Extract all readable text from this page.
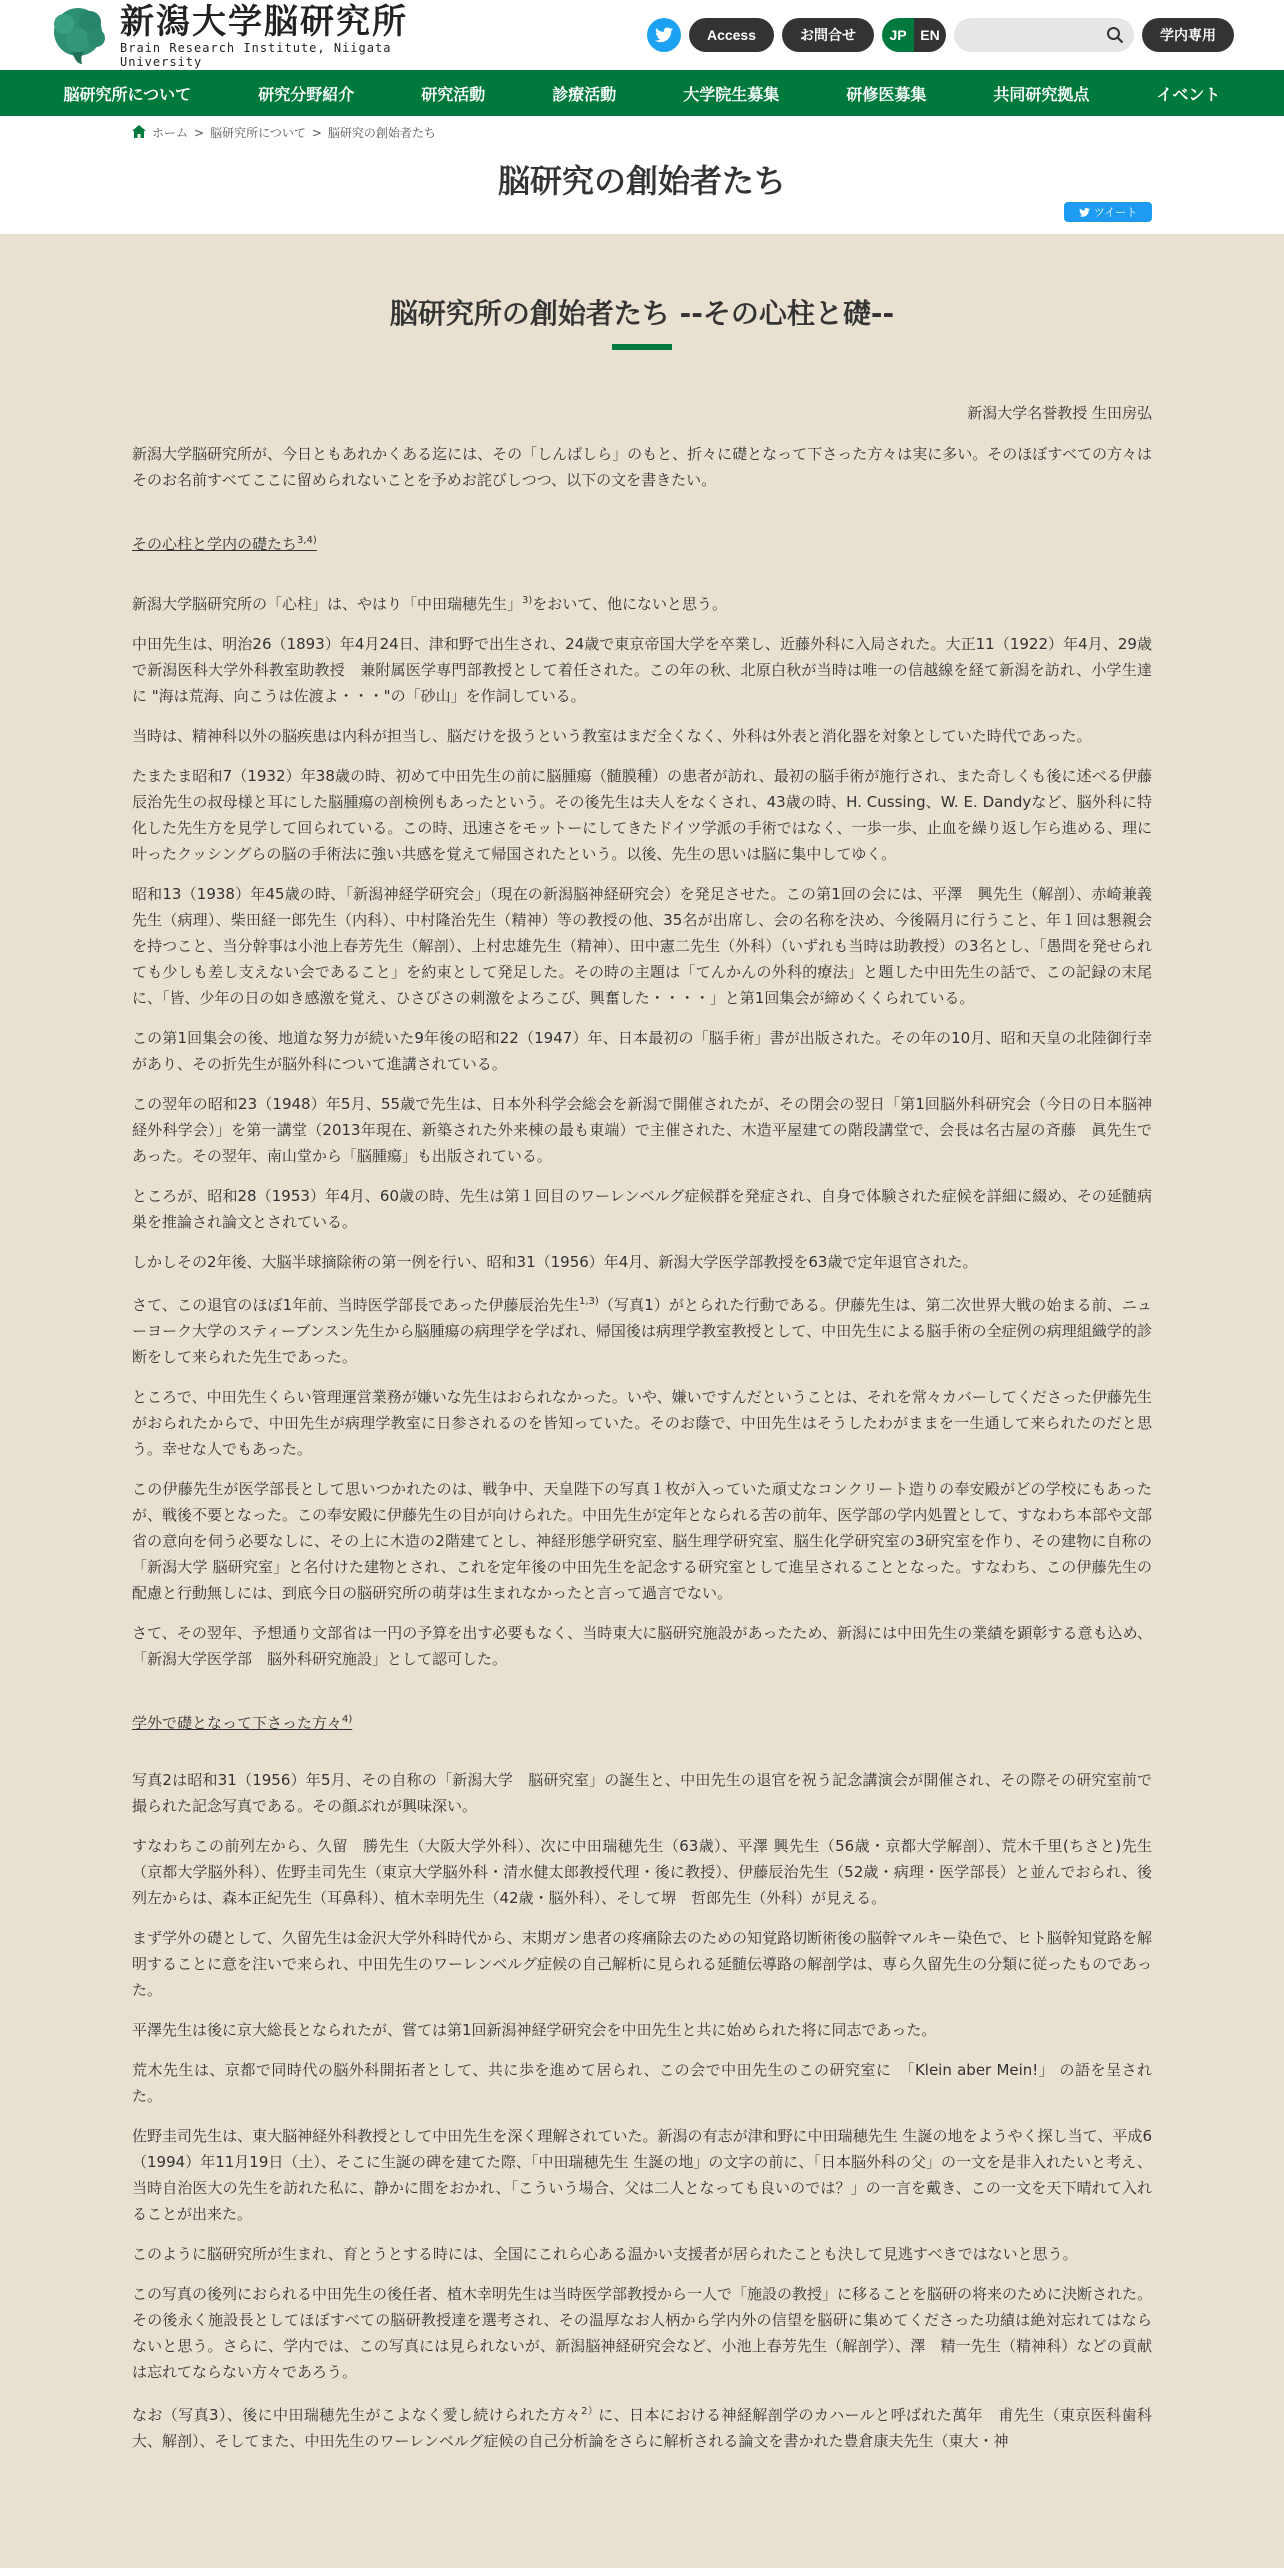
新潟大学脳研究所
Brain Research Institute, Niigata University
Access	お問合せ	JP EN	学内専用
脳研究所について	研究分野紹介	研究活動	診療活動	大学院生募集	研修医募集	共同研究拠点	イベント
ホーム > 脳研究所について > 脳研究の創始者たち
脳研究の創始者たち
ツイート
脳研究所の創始者たち --その心柱と礎--
新潟大学名誉教授 生田房弘

新潟大学脳研究所が、今日ともあれかくある迄には、その「しんばしら」のもと、折々に礎となって下さった方々は実に多い。そのほぼすべての方々はそのお名前すべてここに留められないことを予めお詫びしつつ、以下の文を書きたい。

その心柱と学内の礎たち$^{3,4)}$

新潟大学脳研究所の「心柱」は、やはり「中田瑞穂先生」$^{3)}$をおいて、他にないと思う。

中田先生は、明治26（1893）年4月24日、津和野で出生され、24歳で東京帝国大学を卒業し、近藤外科に入局された。大正11（1922）年4月、29歳で新潟医科大学外科教室助教授　兼附属医学専門部教授として着任された。この年の秋、北原白秋が当時は唯一の信越線を経て新潟を訪れ、小学生達に "海は荒海、向こうは佐渡よ・・・"の「砂山」を作詞している。

当時は、精神科以外の脳疾患は内科が担当し、脳だけを扱うという教室はまだ全くなく、外科は外表と消化器を対象としていた時代であった。

たまたま昭和7（1932）年38歳の時、初めて中田先生の前に脳腫瘍（髄膜種）の患者が訪れ、最初の脳手術が施行され、また奇しくも後に述べる伊藤辰治先生の叔母様と耳にした脳腫瘍の剖検例もあったという。その後先生は夫人をなくされ、43歳の時、H. Cussing、W. E. Dandyなど、脳外科に特化した先生方を見学して回られている。この時、迅速さをモットーにしてきたドイツ学派の手術ではなく、一歩一歩、止血を繰り返し乍ら進める、理に叶ったクッシングらの脳の手術法に強い共感を覚えて帰国されたという。以後、先生の思いは脳に集中してゆく。

昭和13（1938）年45歳の時、「新潟神経学研究会」（現在の新潟脳神経研究会）を発足させた。この第1回の会には、平澤　興先生（解剖）、赤崎兼義先生（病理）、柴田経一郎先生（内科）、中村隆治先生（精神）等の教授の他、35名が出席し、会の名称を決め、今後隔月に行うこと、年１回は懇親会を持つこと、当分幹事は小池上春芳先生（解剖）、上村忠雄先生（精神）、田中憲二先生（外科）（いずれも当時は助教授）の3名とし、「愚問を発せられても少しも差し支えない会であること」を約束として発足した。その時の主題は「てんかんの外科的療法」と題した中田先生の話で、この記録の末尾に、「皆、少年の日の如き感激を覚え、ひさびさの刺激をよろこび、興奮した・・・・」と第1回集会が締めくくられている。

この第1回集会の後、地道な努力が続いた9年後の昭和22（1947）年、日本最初の「脳手術」書が出版された。その年の10月、昭和天皇の北陸御行幸があり、その折先生が脳外科について進講されている。

この翌年の昭和23（1948）年5月、55歳で先生は、日本外科学会総会を新潟で開催されたが、その閉会の翌日「第1回脳外科研究会（今日の日本脳神経外科学会）」を第一講堂（2013年現在、新築された外来棟の最も東端）で主催された、木造平屋建ての階段講堂で、会長は名古屋の斉藤　眞先生であった。その翌年、南山堂から「脳腫瘍」も出版されている。

ところが、昭和28（1953）年4月、60歳の時、先生は第１回目のワーレンベルグ症候群を発症され、自身で体験された症候を詳細に綴め、その延髄病巣を推論され論文とされている。

しかしその2年後、大脳半球摘除術の第一例を行い、昭和31（1956）年4月、新潟大学医学部教授を63歳で定年退官された。

さて、この退官のほぼ1年前、当時医学部長であった伊藤辰治先生$^{1,3)}$（写真1）がとられた行動である。伊藤先生は、第二次世界大戦の始まる前、ニューヨーク大学のスティーブンスン先生から脳腫瘍の病理学を学ばれ、帰国後は病理学教室教授として、中田先生による脳手術の全症例の病理組織学的診断をして来られた先生であった。

ところで、中田先生くらい管理運営業務が嫌いな先生はおられなかった。いや、嫌いですんだということは、それを常々カバーしてくださった伊藤先生がおられたからで、中田先生が病理学教室に日参されるのを皆知っていた。そのお蔭で、中田先生はそうしたわがままを一生通して来られたのだと思う。幸せな人でもあった。

この伊藤先生が医学部長として思いつかれたのは、戦争中、天皇陛下の写真１枚が入っていた頑丈なコンクリート造りの奉安殿がどの学校にもあったが、戦後不要となった。この奉安殿に伊藤先生の目が向けられた。中田先生が定年となられる苦の前年、医学部の学内処置として、すなわち本部や文部省の意向を伺う必要なしに、その上に木造の2階建てとし、神経形態学研究室、脳生理学研究室、脳生化学研究室の3研究室を作り、その建物に自称の「新潟大学 脳研究室」と名付けた建物とされ、これを定年後の中田先生を記念する研究室として進呈されることとなった。すなわち、この伊藤先生の配慮と行動無しには、到底今日の脳研究所の萌芽は生まれなかったと言って過言でない。

さて、その翌年、予想通り文部省は一円の予算を出す必要もなく、当時東大に脳研究施設があったため、新潟には中田先生の業績を顕彰する意も込め、「新潟大学医学部　脳外科研究施設」として認可した。

学外で礎となって下さった方々$^{4)}$

写真2は昭和31（1956）年5月、その自称の「新潟大学　脳研究室」の誕生と、中田先生の退官を祝う記念講演会が開催され、その際その研究室前で撮られた記念写真である。その顔ぶれが興味深い。

すなわちこの前列左から、久留　勝先生（大阪大学外科）、次に中田瑞穂先生（63歳）、平澤 興先生（56歳・京都大学解剖）、荒木千里(ちさと)先生（京都大学脳外科）、佐野圭司先生（東京大学脳外科・清水健太郎教授代理・後に教授）、伊藤辰治先生（52歳・病理・医学部長）と並んでおられ、後列左からは、森本正紀先生（耳鼻科）、植木幸明先生（42歳・脳外科）、そして堺　哲郎先生（外科）が見える。

まず学外の礎として、久留先生は金沢大学外科時代から、末期ガン患者の疼痛除去のための知覚路切断術後の脳幹マルキー染色で、ヒト脳幹知覚路を解明することに意を注いで来られ、中田先生のワーレンベルグ症候の自己解析に見られる延髄伝導路の解剖学は、専ら久留先生の分類に従ったものであった。

平澤先生は後に京大総長となられたが、嘗ては第1回新潟神経学研究会を中田先生と共に始められた将に同志であった。

荒木先生は、京都で同時代の脳外科開拓者として、共に歩を進めて居られ、この会で中田先生のこの研究室に　「Klein aber Mein!」 の語を呈された。

佐野圭司先生は、東大脳神経外科教授として中田先生を深く理解されていた。新潟の有志が津和野に中田瑞穂先生 生誕の地をようやく探し当て、平成6（1994）年11月19日（土）、そこに生誕の碑を建てた際、「中田瑞穂先生 生誕の地」の文字の前に、「日本脳外科の父」の一文を是非入れたいと考え、当時自治医大の先生を訪れた私に、静かに間をおかれ、「こういう場合、父は二人となっても良いのでは？」の一言を戴き、この一文を天下晴れて入れることが出来た。

このように脳研究所が生まれ、育とうとする時には、全国にこれら心ある温かい支援者が居られたことも決して見逃すべきではないと思う。

この写真の後列におられる中田先生の後任者、植木幸明先生は当時医学部教授から一人で「施設の教授」に移ることを脳研の将来のために決断された。その後永く施設長としてほぼすべての脳研教授達を選考され、その温厚なお人柄から学内外の信望を脳研に集めてくださった功績は絶対忘れてはならないと思う。さらに、学内では、この写真には見られないが、新潟脳神経研究会など、小池上春芳先生（解剖学）、澤　精一先生（精神科）などの貢献は忘れてならない方々であろう。

なお（写真3）、後に中田瑞穂先生がこよなく愛し続けられた方々$^{2)}$に、日本における神経解剖学のカハールと呼ばれた萬年　甫先生（東京医科歯科大、解剖）、そしてまた、中田先生のワーレンベルグ症候の自己分析論をさらに解析される論文を書かれた豊倉康夫先生（東大・神
